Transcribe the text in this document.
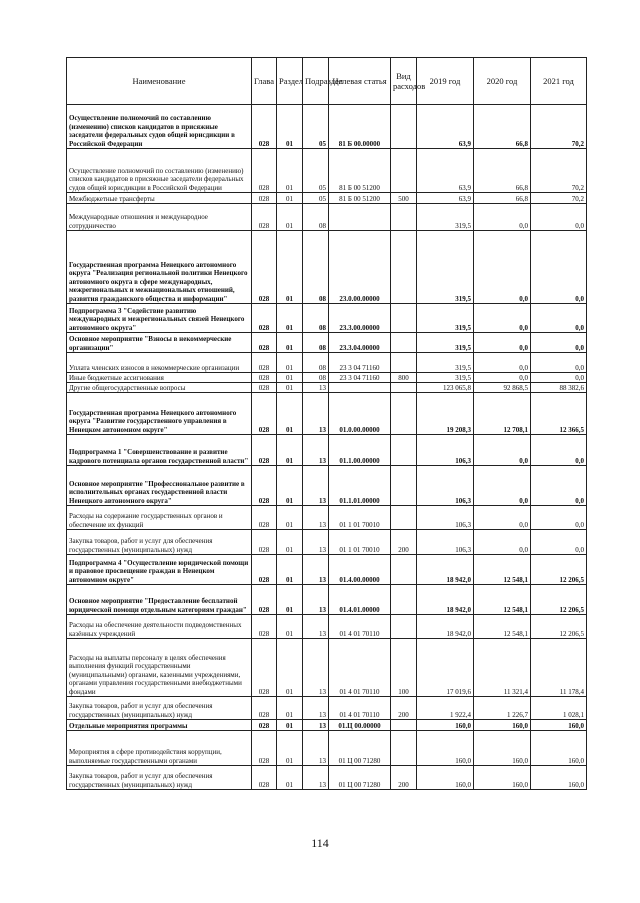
Наименование	Глава	Раздел	Подраздел	Целевая статья	Вид расходов	2019 год	2020 год	2021 год
Осуществление полномочий по составлению (изменению) списков кандидатов в присяжные заседатели федеральных судов общей юрисдикции в Российской Федерации	028	01	05	81 Б 00.00000		63,9	66,8	70,2
Осуществление полномочий по составлению (изменению) списков кандидатов в присяжные заседатели федеральных судов общей юрисдикции в Российской Федерации	028	01	05	81 Б 00 51200		63,9	66,8	70,2
Межбюджетные трансферты	028	01	05	81 Б 00 51200	500	63,9	66,8	70,2
Международные отношения и международное сотрудничество	028	01	08			319,5	0,0	0,0
Государственная программа Ненецкого автономного округа "Реализация региональной политики Ненецкого автономного округа в сфере международных, межрегиональных и межнациональных отношений, развития гражданского общества и информации"	028	01	08	23.0.00.00000		319,5	0,0	0,0
Подпрограмма 3 "Содействие развитию международных и межрегиональных связей Ненецкого автономного округа"	028	01	08	23.3.00.00000		319,5	0,0	0,0
Основное мероприятие "Взносы в некоммерческие организации"	028	01	08	23.3.04.00000		319,5	0,0	0,0
Уплата членских взносов в некоммерческие организации	028	01	08	23 3 04 71160		319,5	0,0	0,0
Иные бюджетные ассигнования	028	01	08	23 3 04 71160	800	319,5	0,0	0,0
Другие общегосударственные вопросы	028	01	13			123 065,8	92 868,5	88 382,6
Государственная программа Ненецкого автономного округа "Развитие государственного управления в Ненецком автономном округе"	028	01	13	01.0.00.00000		19 208,3	12 708,1	12 366,5
Подпрограмма 1 "Совершенствование и развитие кадрового потенциала органов государственной власти"	028	01	13	01.1.00.00000		106,3	0,0	0,0
Основное мероприятие "Профессиональное развитие в исполнительных органах государственной власти Ненецкого автономного округа"	028	01	13	01.1.01.00000		106,3	0,0	0,0
Расходы на содержание государственных органов и обеспечение их функций	028	01	13	01 1 01 70010		106,3	0,0	0,0
Закупка товаров, работ и услуг для обеспечения государственных (муниципальных) нужд	028	01	13	01 1 01 70010	200	106,3	0,0	0,0
Подпрограмма 4 "Осуществление юридической помощи и правовое просвещение граждан в Ненецком автономном округе"	028	01	13	01.4.00.00000		18 942,0	12 548,1	12 206,5
Основное мероприятие "Предоставление бесплатной юридической помощи отдельным категориям граждан"	028	01	13	01.4.01.00000		18 942,0	12 548,1	12 206,5
Расходы на обеспечение деятельности подведомственных казённых учреждений	028	01	13	01 4 01 70110		18 942,0	12 548,1	12 206,5
Расходы на выплаты персоналу в целях обеспечения выполнения функций государственными (муниципальными) органами, казенными учреждениями, органами управления государственными внебюджетными фондами	028	01	13	01 4 01 70110	100	17 019,6	11 321,4	11 178,4
Закупка товаров, работ и услуг для обеспечения государственных (муниципальных) нужд	028	01	13	01 4 01 70110	200	1 922,4	1 226,7	1 028,1
Отдельные мероприятия программы	028	01	13	01.Ц 00.00000		160,0	160,0	160,0
Мероприятия в сфере противодействия коррупции, выполняемые государственными органами	028	01	13	01 Ц 00 71280		160,0	160,0	160,0
Закупка товаров, работ и услуг для обеспечения государственных (муниципальных) нужд	028	01	13	01 Ц 00 71280	200	160,0	160,0	160,0
114
